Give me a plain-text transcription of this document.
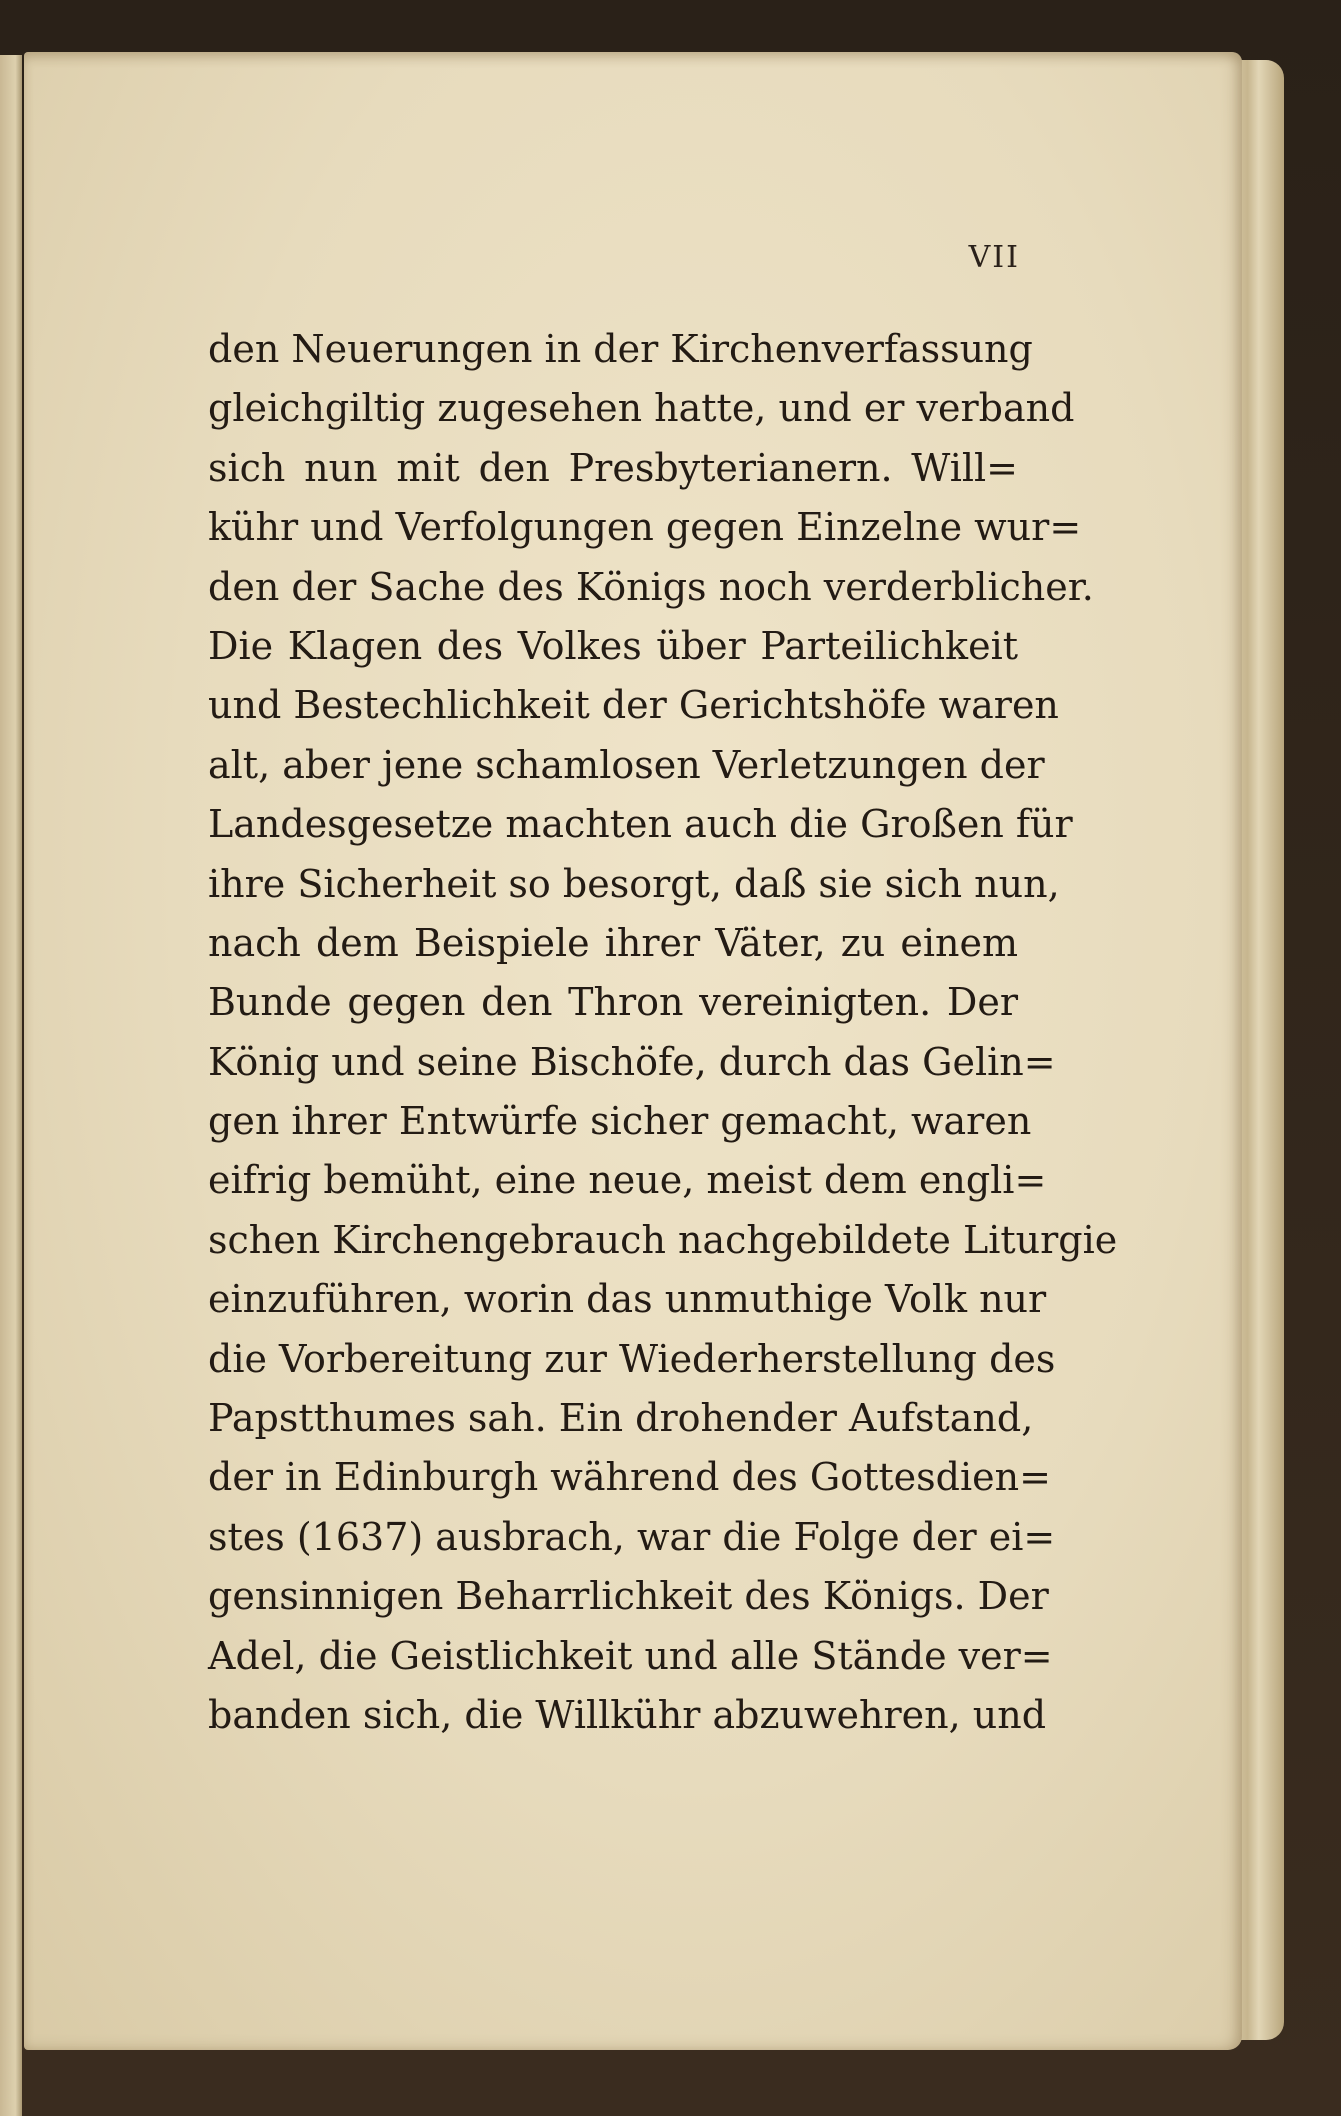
VII
den Neuerungen in der Kirchenverfassung
gleichgiltig zugesehen hatte, und er verband
sich nun mit den Presbyterianern. Will=
kühr und Verfolgungen gegen Einzelne wur=
den der Sache des Königs noch verderblicher.
Die Klagen des Volkes über Parteilichkeit
und Bestechlichkeit der Gerichtshöfe waren
alt, aber jene schamlosen Verletzungen der
Landesgesetze machten auch die Großen für
ihre Sicherheit so besorgt, daß sie sich nun,
nach dem Beispiele ihrer Väter, zu einem
Bunde gegen den Thron vereinigten. Der
König und seine Bischöfe, durch das Gelin=
gen ihrer Entwürfe sicher gemacht, waren
eifrig bemüht, eine neue, meist dem engli=
schen Kirchengebrauch nachgebildete Liturgie
einzuführen, worin das unmuthige Volk nur
die Vorbereitung zur Wiederherstellung des
Papstthumes sah. Ein drohender Aufstand,
der in Edinburgh während des Gottesdien=
stes (1637) ausbrach, war die Folge der ei=
gensinnigen Beharrlichkeit des Königs. Der
Adel, die Geistlichkeit und alle Stände ver=
banden sich, die Willkühr abzuwehren, und
